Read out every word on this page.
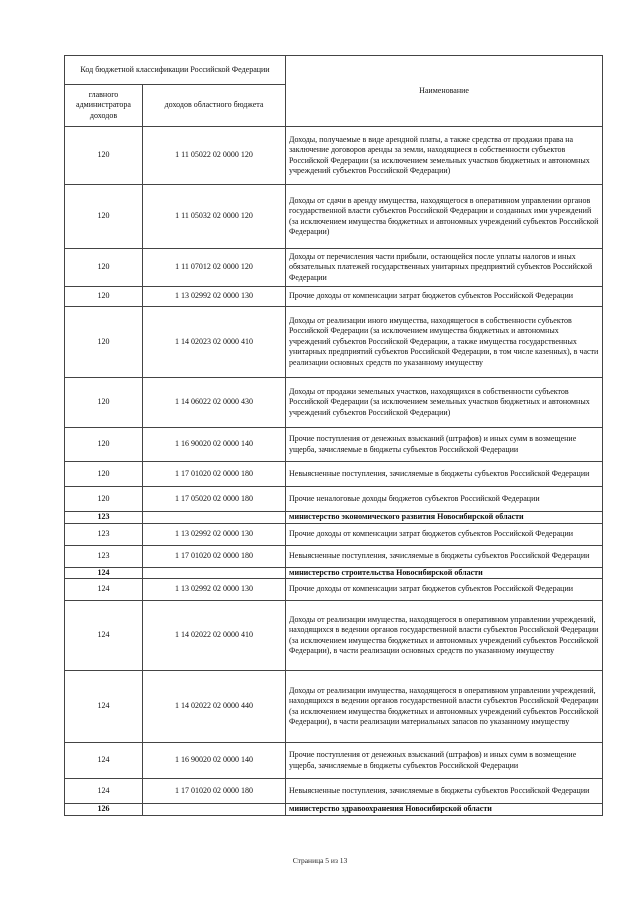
Код бюджетной классификации Российской Федерации		Наименование
главного администратора доходов	доходов областного бюджета	
120	1 11 05022 02 0000 120	Доходы, получаемые в виде арендной платы, а также средства от продажи права на заключение договоров аренды за земли, находящиеся в собственности субъектов Российской Федерации (за исключением земельных участков бюджетных и автономных учреждений субъектов Российской Федерации)
120	1 11 05032 02 0000 120	Доходы от сдачи в аренду имущества, находящегося в оперативном управлении органов государственной власти субъектов Российской Федерации и созданных ими учреждений (за исключением имущества бюджетных и автономных учреждений субъектов Российской Федерации)
120	1 11 07012 02 0000 120	Доходы от перечисления части прибыли, остающейся после уплаты налогов и иных обязательных платежей государственных унитарных предприятий субъектов Российской Федерации
120	1 13 02992 02 0000 130	Прочие доходы от компенсации затрат бюджетов субъектов Российской Федерации
120	1 14 02023 02 0000 410	Доходы от реализации иного имущества, находящегося в собственности субъектов Российской Федерации (за исключением имущества бюджетных и автономных учреждений субъектов Российской Федерации, а также имущества государственных унитарных предприятий субъектов Российской Федерации, в том числе казенных), в части реализации основных средств по указанному имуществу
120	1 14 06022 02 0000 430	Доходы от продажи земельных участков, находящихся в собственности субъектов Российской Федерации (за исключением земельных участков бюджетных и автономных учреждений субъектов Российской Федерации)
120	1 16 90020 02 0000 140	Прочие поступления от денежных взысканий (штрафов) и иных сумм в возмещение ущерба, зачисляемые в бюджеты субъектов Российской Федерации
120	1 17 01020 02 0000 180	Невыясненные поступления, зачисляемые в бюджеты субъектов Российской Федерации
120	1 17 05020 02 0000 180	Прочие неналоговые доходы бюджетов субъектов Российской Федерации
123		министерство экономического развития Новосибирской области
123	1 13 02992 02 0000 130	Прочие доходы от компенсации затрат бюджетов субъектов Российской Федерации
123	1 17 01020 02 0000 180	Невыясненные поступления, зачисляемые в бюджеты субъектов Российской Федерации
124		министерство строительства Новосибирской области
124	1 13 02992 02 0000 130	Прочие доходы от компенсации затрат бюджетов субъектов Российской Федерации
124	1 14 02022 02 0000 410	Доходы от реализации имущества, находящегося в оперативном управлении учреждений, находящихся в ведении органов государственной власти субъектов Российской Федерации (за исключением имущества бюджетных и автономных учреждений субъектов Российской Федерации), в части реализации основных средств по указанному имуществу
124	1 14 02022 02 0000 440	Доходы от реализации имущества, находящегося в оперативном управлении учреждений, находящихся в ведении органов государственной власти субъектов Российской Федерации (за исключением имущества бюджетных и автономных учреждений субъектов Российской Федерации), в части реализации материальных запасов по указанному имуществу
124	1 16 90020 02 0000 140	Прочие поступления от денежных взысканий (штрафов) и иных сумм в возмещение ущерба, зачисляемые в бюджеты субъектов Российской Федерации
124	1 17 01020 02 0000 180	Невыясненные поступления, зачисляемые в бюджеты субъектов Российской Федерации
126		министерство здравоохранения Новосибирской области
Страница 5 из 13
